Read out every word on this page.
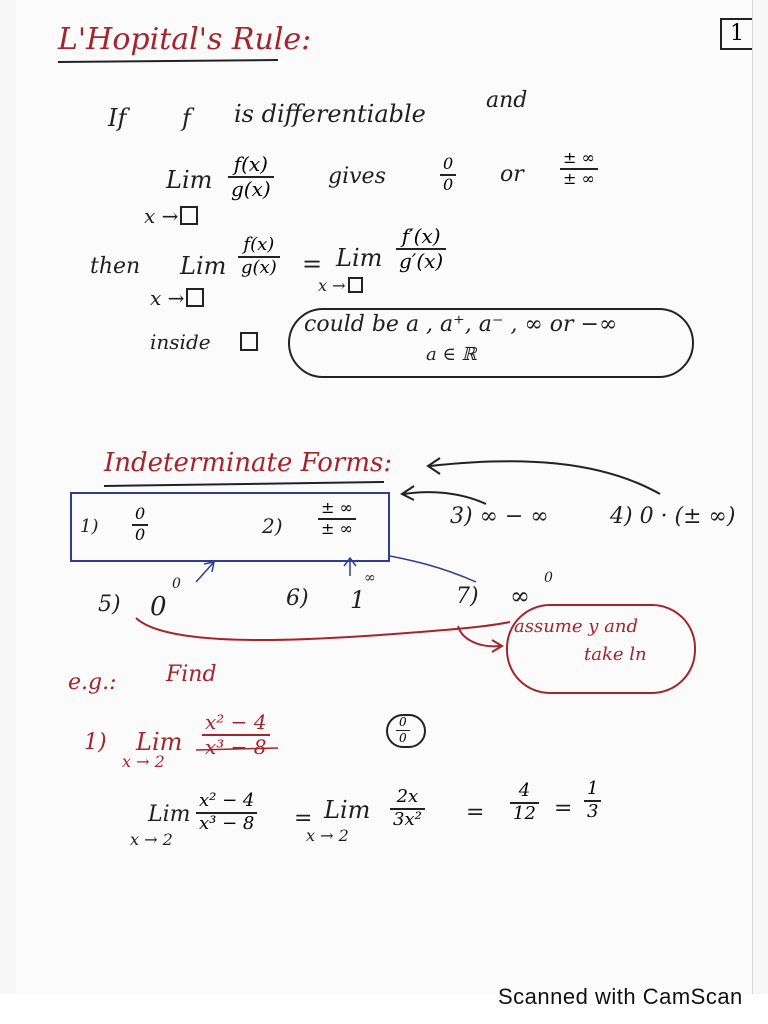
L'Hopital's Rule:	1
If f is differentiable	and
Lim
f(x)
g(x)
x →
gives
0
0 or
± ∞
± ∞
then Lim
f(x)
g(x)
x →
= Lim
f′(x)
g′(x)
x →
inside
could be a , a⁺, a⁻ , ∞ or −∞
a ∈ ℝ
Indeterminate Forms:
1)
0
0	2)
± ∞
± ∞	3) ∞ − ∞	4) 0 · (± ∞)
5) 0
0
6) 1
∞
7) ∞
0
assume y and
take ln
e.g.: Find
1) Lim
x → 2
x² − 4
x³ − 8
0
0
Lim
x → 2
x² − 4
x³ − 8 = Lim
x → 2
2x
3x² =
4
12 =
1
3
Scanned with CamScan
